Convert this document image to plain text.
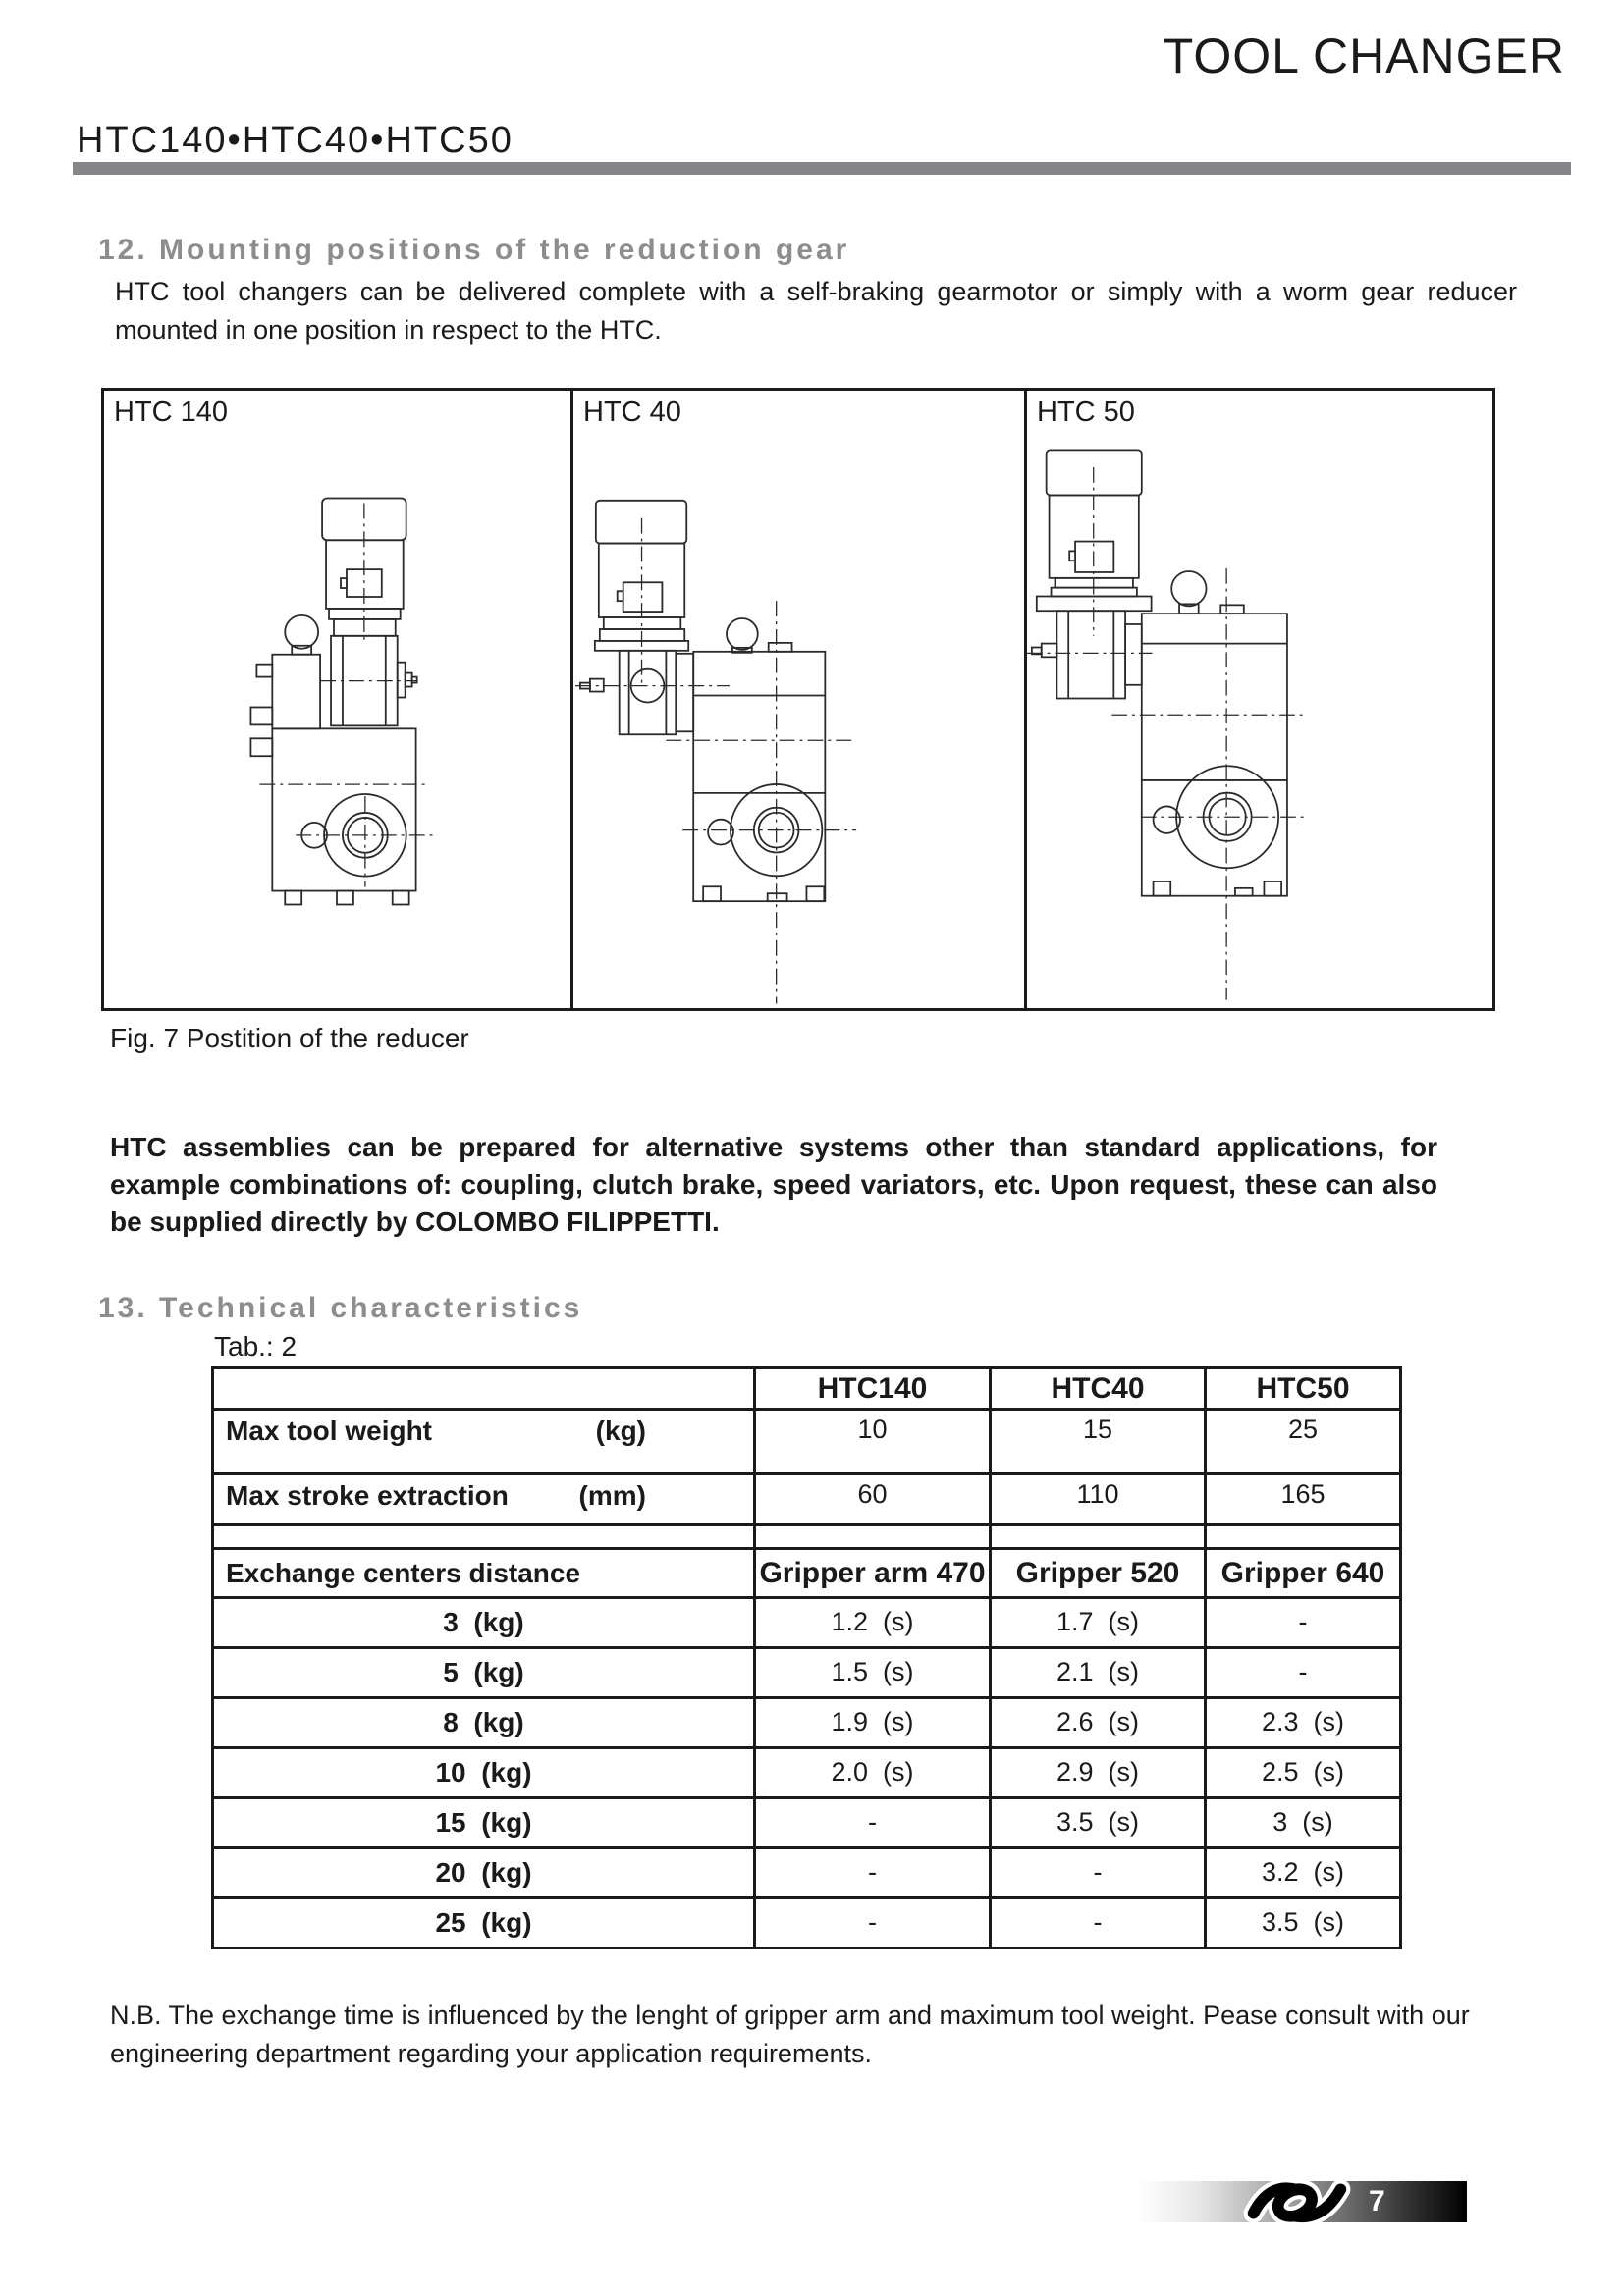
TOOL CHANGER
HTC140•HTC40•HTC50
12. Mounting positions of the reduction gear
HTC tool changers can be delivered complete with a self-braking gearmotor or simply with a worm gear reducer mounted in one position in respect to the HTC.
HTC 140	HTC 40	HTC 50
Fig. 7 Postition of the reducer
HTC assemblies can be prepared for alternative systems other than standard applications, for example combinations of: coupling, clutch brake, speed variators, etc. Upon request, these can also be supplied directly by COLOMBO FILIPPETTI.
13. Technical characteristics
Tab.: 2
	HTC140	HTC40	HTC50

Max tool weight (kg)	10	15	25

Max stroke extraction (mm)	60	110	165

Exchange centers distance	Gripper arm 470	Gripper 520	Gripper 640
3  (kg)	1.2  (s)	1.7  (s)	-
5  (kg)	1.5  (s)	2.1  (s)	-
8  (kg)	1.9  (s)	2.6  (s)	2.3  (s)
10  (kg)	2.0  (s)	2.9  (s)	2.5  (s)
15  (kg)	-	3.5  (s)	3  (s)
20  (kg)	-	-	3.2  (s)
25  (kg)	-	-	3.5  (s)
N.B. The exchange time is influenced by the lenght of gripper arm and maximum tool weight. Pease consult with our engineering department regarding your application requirements.
7
